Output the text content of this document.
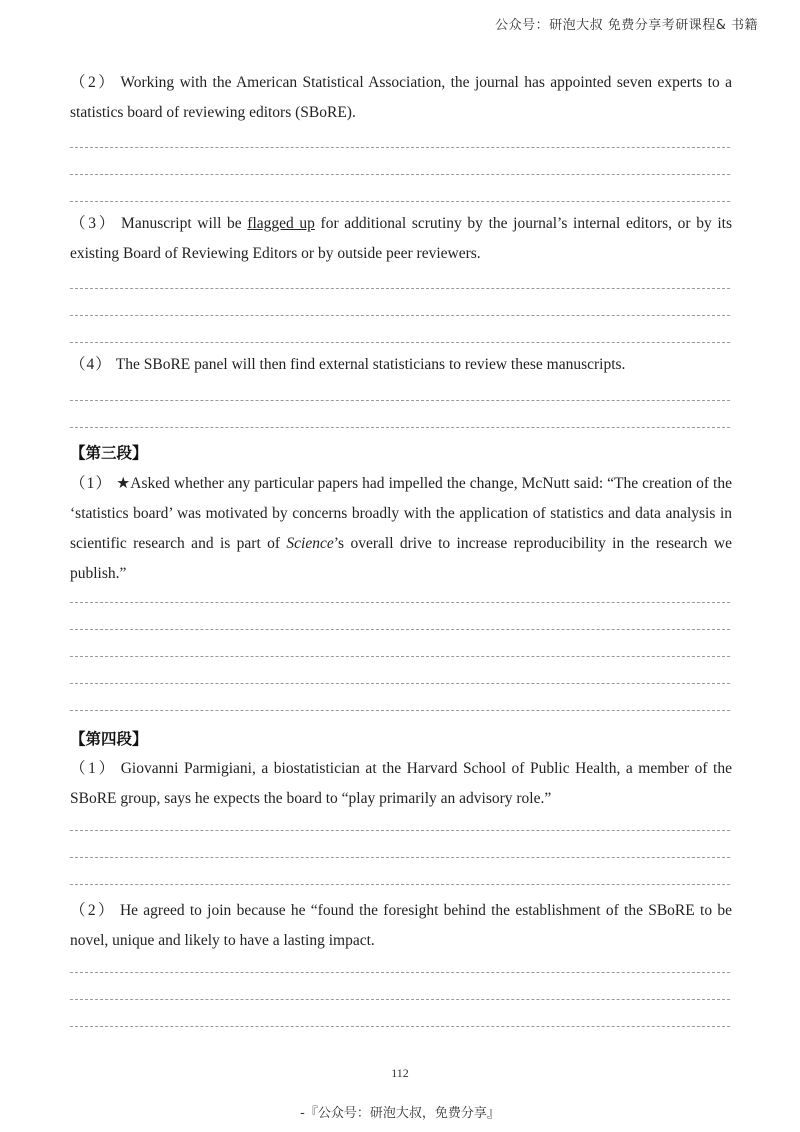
公众号：研泡大叔 免费分享考研课程& 书籍
（2） Working with the American Statistical Association, the journal has appointed seven experts to a statistics board of reviewing editors (SBoRE).
（3） Manuscript will be flagged up for additional scrutiny by the journal’s internal editors, or by its existing Board of Reviewing Editors or by outside peer reviewers.
（4） The SBoRE panel will then find external statisticians to review these manuscripts.
【第三段】
（1） ★Asked whether any particular papers had impelled the change, McNutt said: “The creation of the ‘statistics board’ was motivated by concerns broadly with the application of statistics and data analysis in scientific research and is part of Science’s overall drive to increase reproducibility in the research we publish.”
【第四段】
（1） Giovanni Parmigiani, a biostatistician at the Harvard School of Public Health, a member of the SBoRE group, says he expects the board to “play primarily an advisory role.”
（2） He agreed to join because he “found the foresight behind the establishment of the SBoRE to be novel, unique and likely to have a lasting impact.
112
-『公众号：研泡大叔，免费分享』
